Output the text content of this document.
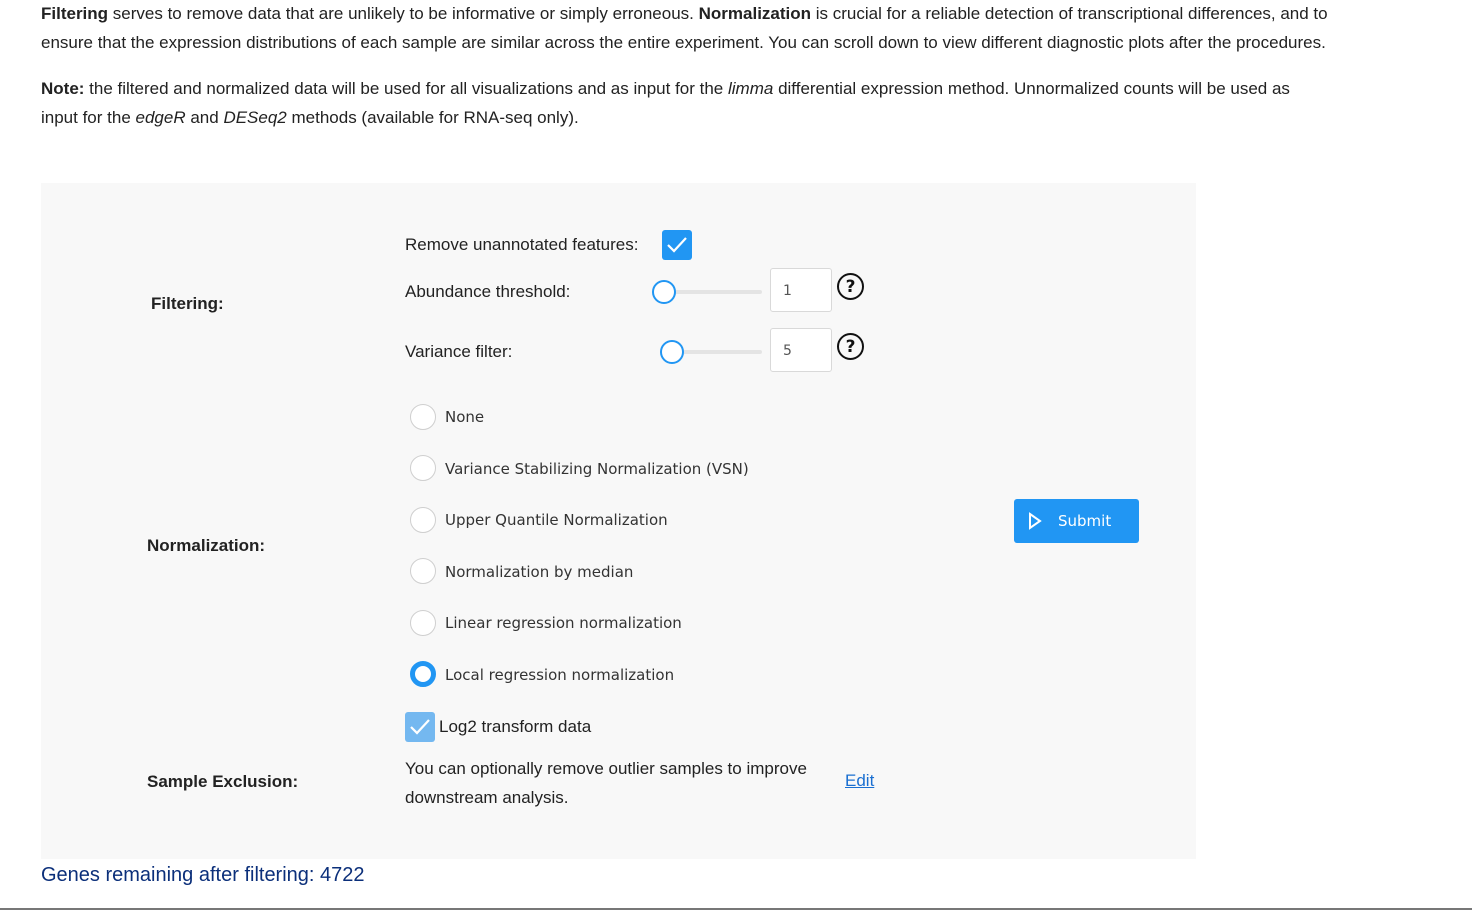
Filtering serves to remove data that are unlikely to be informative or simply erroneous. Normalization is crucial for a reliable detection of transcriptional differences, and to ensure that the expression distributions of each sample are similar across the entire experiment. You can scroll down to view different diagnostic plots after the procedures.

Note: the filtered and normalized data will be used for all visualizations and as input for the limma differential expression method. Unnormalized counts will be used as input for the edgeR and DESeq2 methods (available for RNA-seq only).

Filtering:
Remove unannotated features:
Abundance threshold:	1	?
Variance filter:	5	?
Normalization:
None
Variance Stabilizing Normalization (VSN)
Upper Quantile Normalization
Normalization by median
Linear regression normalization
Local regression normalization
Log2 transform data
Submit
Sample Exclusion:
You can optionally remove outlier samples to improve downstream analysis.
Edit
Genes remaining after filtering: 4722
